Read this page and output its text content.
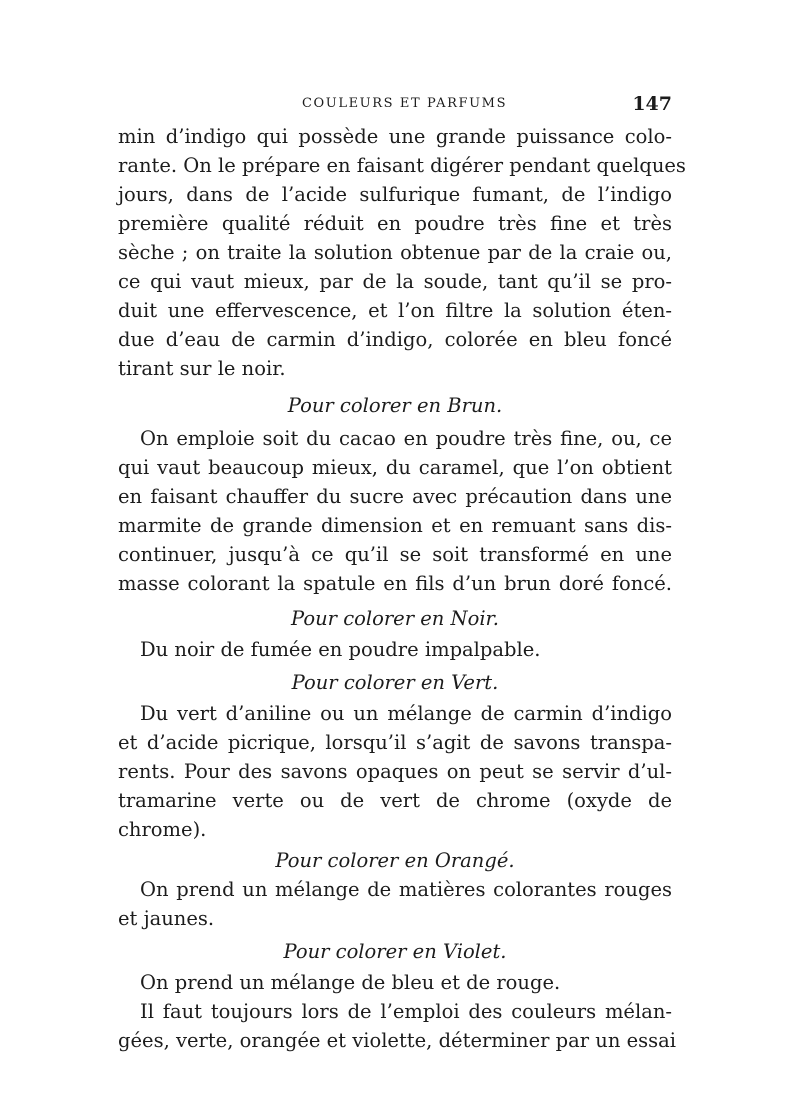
COULEURS ET PARFUMS	147
min d’indigo qui possède une grande puissance colo-
rante. On le prépare en faisant digérer pendant quelques
jours, dans de l’acide sulfurique fumant, de l’indigo
première qualité réduit en poudre très fine et très
sèche ; on traite la solution obtenue par de la craie ou,
ce qui vaut mieux, par de la soude, tant qu’il se pro-
duit une effervescence, et l’on filtre la solution éten-
due d’eau de carmin d’indigo, colorée en bleu foncé
tirant sur le noir.
Pour colorer en Brun.
On emploie soit du cacao en poudre très fine, ou, ce
qui vaut beaucoup mieux, du caramel, que l’on obtient
en faisant chauffer du sucre avec précaution dans une
marmite de grande dimension et en remuant sans dis-
continuer, jusqu’à ce qu’il se soit transformé en une
masse colorant la spatule en fils d’un brun doré foncé.
Pour colorer en Noir.
Du noir de fumée en poudre impalpable.
Pour colorer en Vert.
Du vert d’aniline ou un mélange de carmin d’indigo
et d’acide picrique, lorsqu’il s’agit de savons transpa-
rents. Pour des savons opaques on peut se servir d’ul-
tramarine verte ou de vert de chrome (oxyde de
chrome).
Pour colorer en Orangé.
On prend un mélange de matières colorantes rouges
et jaunes.
Pour colorer en Violet.
On prend un mélange de bleu et de rouge.
Il faut toujours lors de l’emploi des couleurs mélan-
gées, verte, orangée et violette, déterminer par un essai
